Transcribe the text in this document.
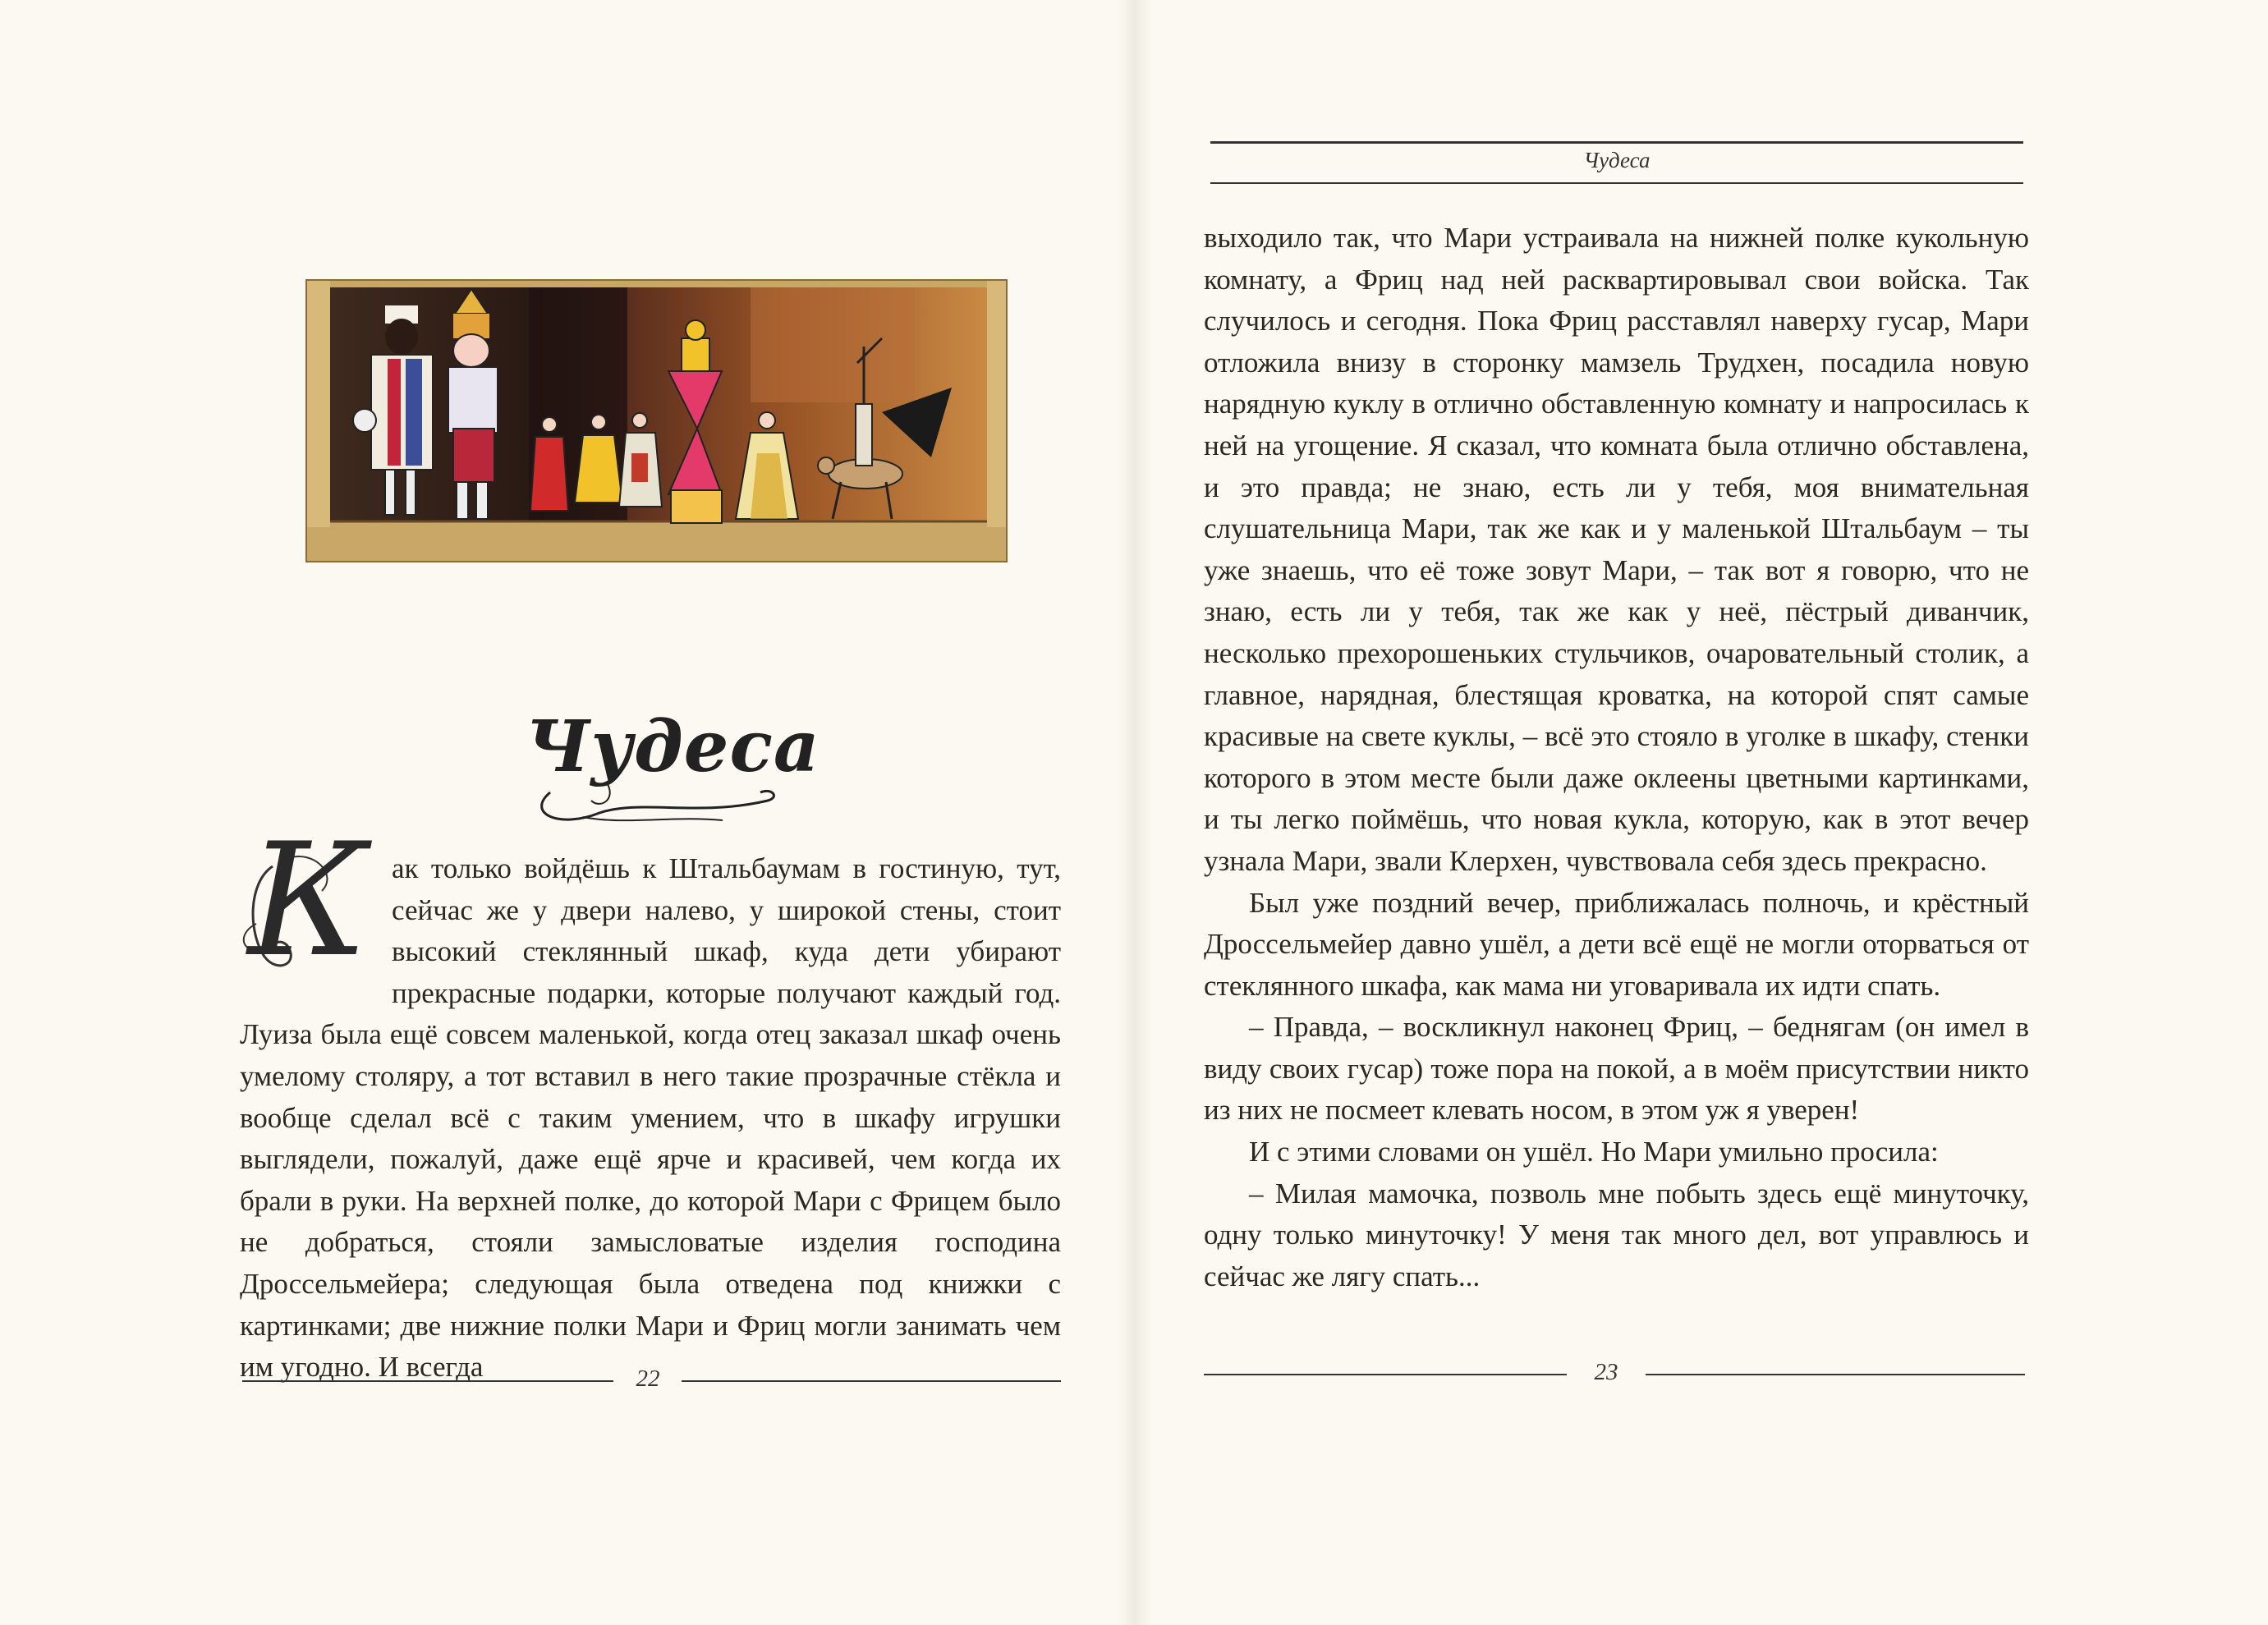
Чудеса
К ак только войдёшь к Штальбаумам в гостиную, тут, сейчас же у двери налево, у широкой стены, стоит высокий стеклянный шкаф, куда дети убирают прекрасные подарки, которые получают каждый год. Луиза была ещё совсем маленькой, когда отец заказал шкаф очень умелому столяру, а тот вставил в него такие прозрачные стёкла и вообще сделал всё с таким умением, что в шкафу игрушки выглядели, пожалуй, даже ещё ярче и красивей, чем когда их брали в руки. На верхней полке, до которой Мари с Фрицем было не добраться, стояли замысловатые изделия господина Дроссельмейера; следующая была отведена под книжки с картинками; две нижние полки Мари и Фриц могли занимать чем им угодно. И всегда	22
Чудеса

выходило так, что Мари устраивала на нижней полке кукольную комнату, а Фриц над ней расквартировывал свои войска. Так случилось и сегодня. Пока Фриц расставлял наверху гусар, Мари отложила внизу в сторонку мамзель Трудхен, посадила новую нарядную куклу в отлично обставленную комнату и напросилась к ней на угощение. Я сказал, что комната была отлично обставлена, и это правда; не знаю, есть ли у тебя, моя внимательная слушательница Мари, так же как и у маленькой Штальбаум – ты уже знаешь, что её тоже зовут Мари, – так вот я говорю, что не знаю, есть ли у тебя, так же как у неё, пёстрый диванчик, несколько прехорошеньких стульчиков, очаровательный столик, а главное, нарядная, блестящая кроватка, на которой спят самые красивые на свете куклы, – всё это стояло в уголке в шкафу, стенки которого в этом месте были даже оклеены цветными картинками, и ты легко поймёшь, что новая кукла, которую, как в этот вечер узнала Мари, звали Клерхен, чувствовала себя здесь прекрасно.

Был уже поздний вечер, приближалась полночь, и крёстный Дроссельмейер давно ушёл, а дети всё ещё не могли оторваться от стеклянного шкафа, как мама ни уговаривала их идти спать.

– Правда, – воскликнул наконец Фриц, – беднягам (он имел в виду своих гусар) тоже пора на покой, а в моём присутствии никто из них не посмеет клевать носом, в этом уж я уверен!

И с этими словами он ушёл. Но Мари умильно просила:

– Милая мамочка, позволь мне побыть здесь ещё минуточку, одну только минуточку! У меня так много дел, вот управлюсь и сейчас же лягу спать...

23
